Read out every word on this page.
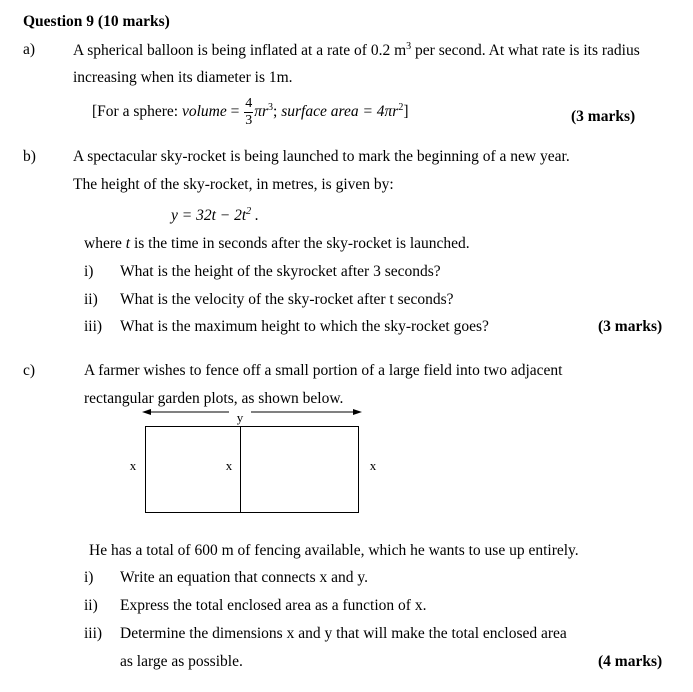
Question 9 (10 marks)
a) A spherical balloon is being inflated at a rate of 0.2 $m^3$ per second. At what rate is its radius
increasing when its diameter is 1m.
[For a sphere: volume = $\frac{4}{3} \pi r^3$; surface area = $4\pi r^2$]	(3 marks)
b) A spectacular sky-rocket is being launched to mark the beginning of a new year.
The height of the sky-rocket, in metres, is given by:
$y = 32t - 2t^2$ .
where t is the time in seconds after the sky-rocket is launched.
i) What is the height of the skyrocket after 3 seconds?
ii) What is the velocity of the sky-rocket after t seconds?
iii) What is the maximum height to which the sky-rocket goes?	(3 marks)
c)	A farmer wishes to fence off a small portion of a large field into two adjacent
rectangular garden plots, as shown below.
y
x	x	x
He has a total of 600 m of fencing available, which he wants to use up entirely.
i) Write an equation that connects x and y.
ii) Express the total enclosed area as a function of x.
iii) Determine the dimensions x and y that will make the total enclosed area
as large as possible.	(4 marks)
